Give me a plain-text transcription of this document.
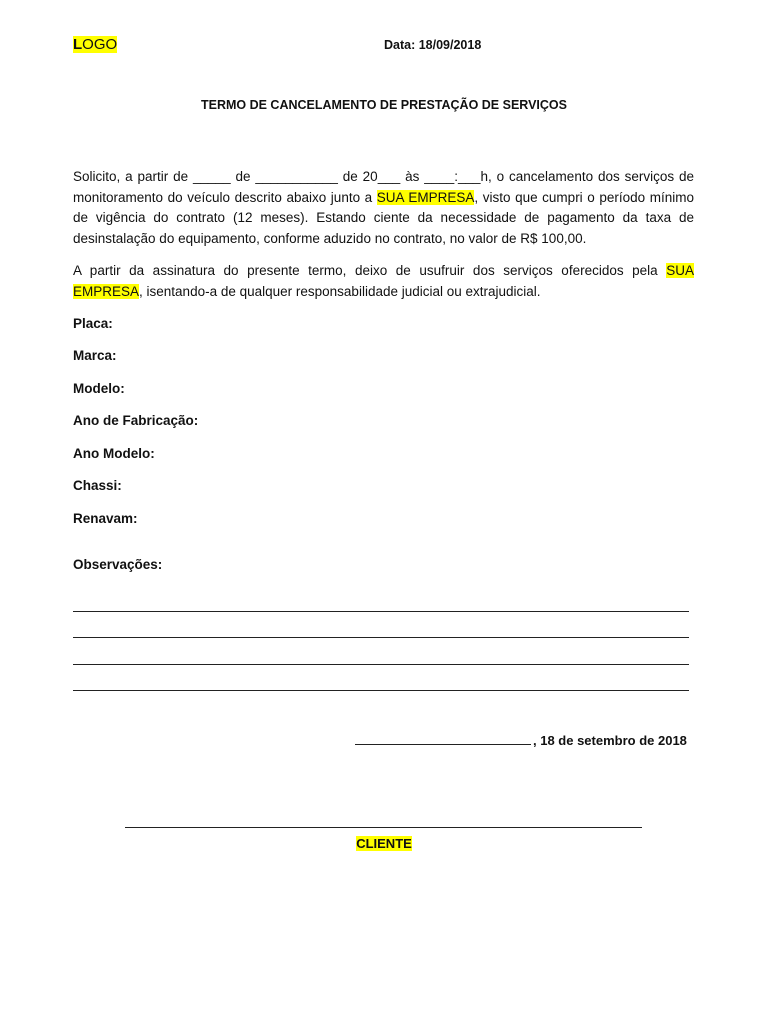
LOGO	Data: 18/09/2018
TERMO DE CANCELAMENTO DE PRESTAÇÃO DE SERVIÇOS
Solicito, a partir de _____ de ___________ de 20___ às ____:___h, o cancelamento dos serviços de monitoramento do veículo descrito abaixo junto a SUA EMPRESA, visto que cumpri o período mínimo de vigência do contrato (12 meses). Estando ciente da necessidade de pagamento da taxa de desinstalação do equipamento, conforme aduzido no contrato, no valor de R$ 100,00.
A partir da assinatura do presente termo, deixo de usufruir dos serviços oferecidos pela SUA EMPRESA, isentando-a de qualquer responsabilidade judicial ou extrajudicial.
Placa:
Marca:
Modelo:
Ano de Fabricação:
Ano Modelo:
Chassi:
Renavam:
Observações:
, 18 de setembro de 2018
CLIENTE
